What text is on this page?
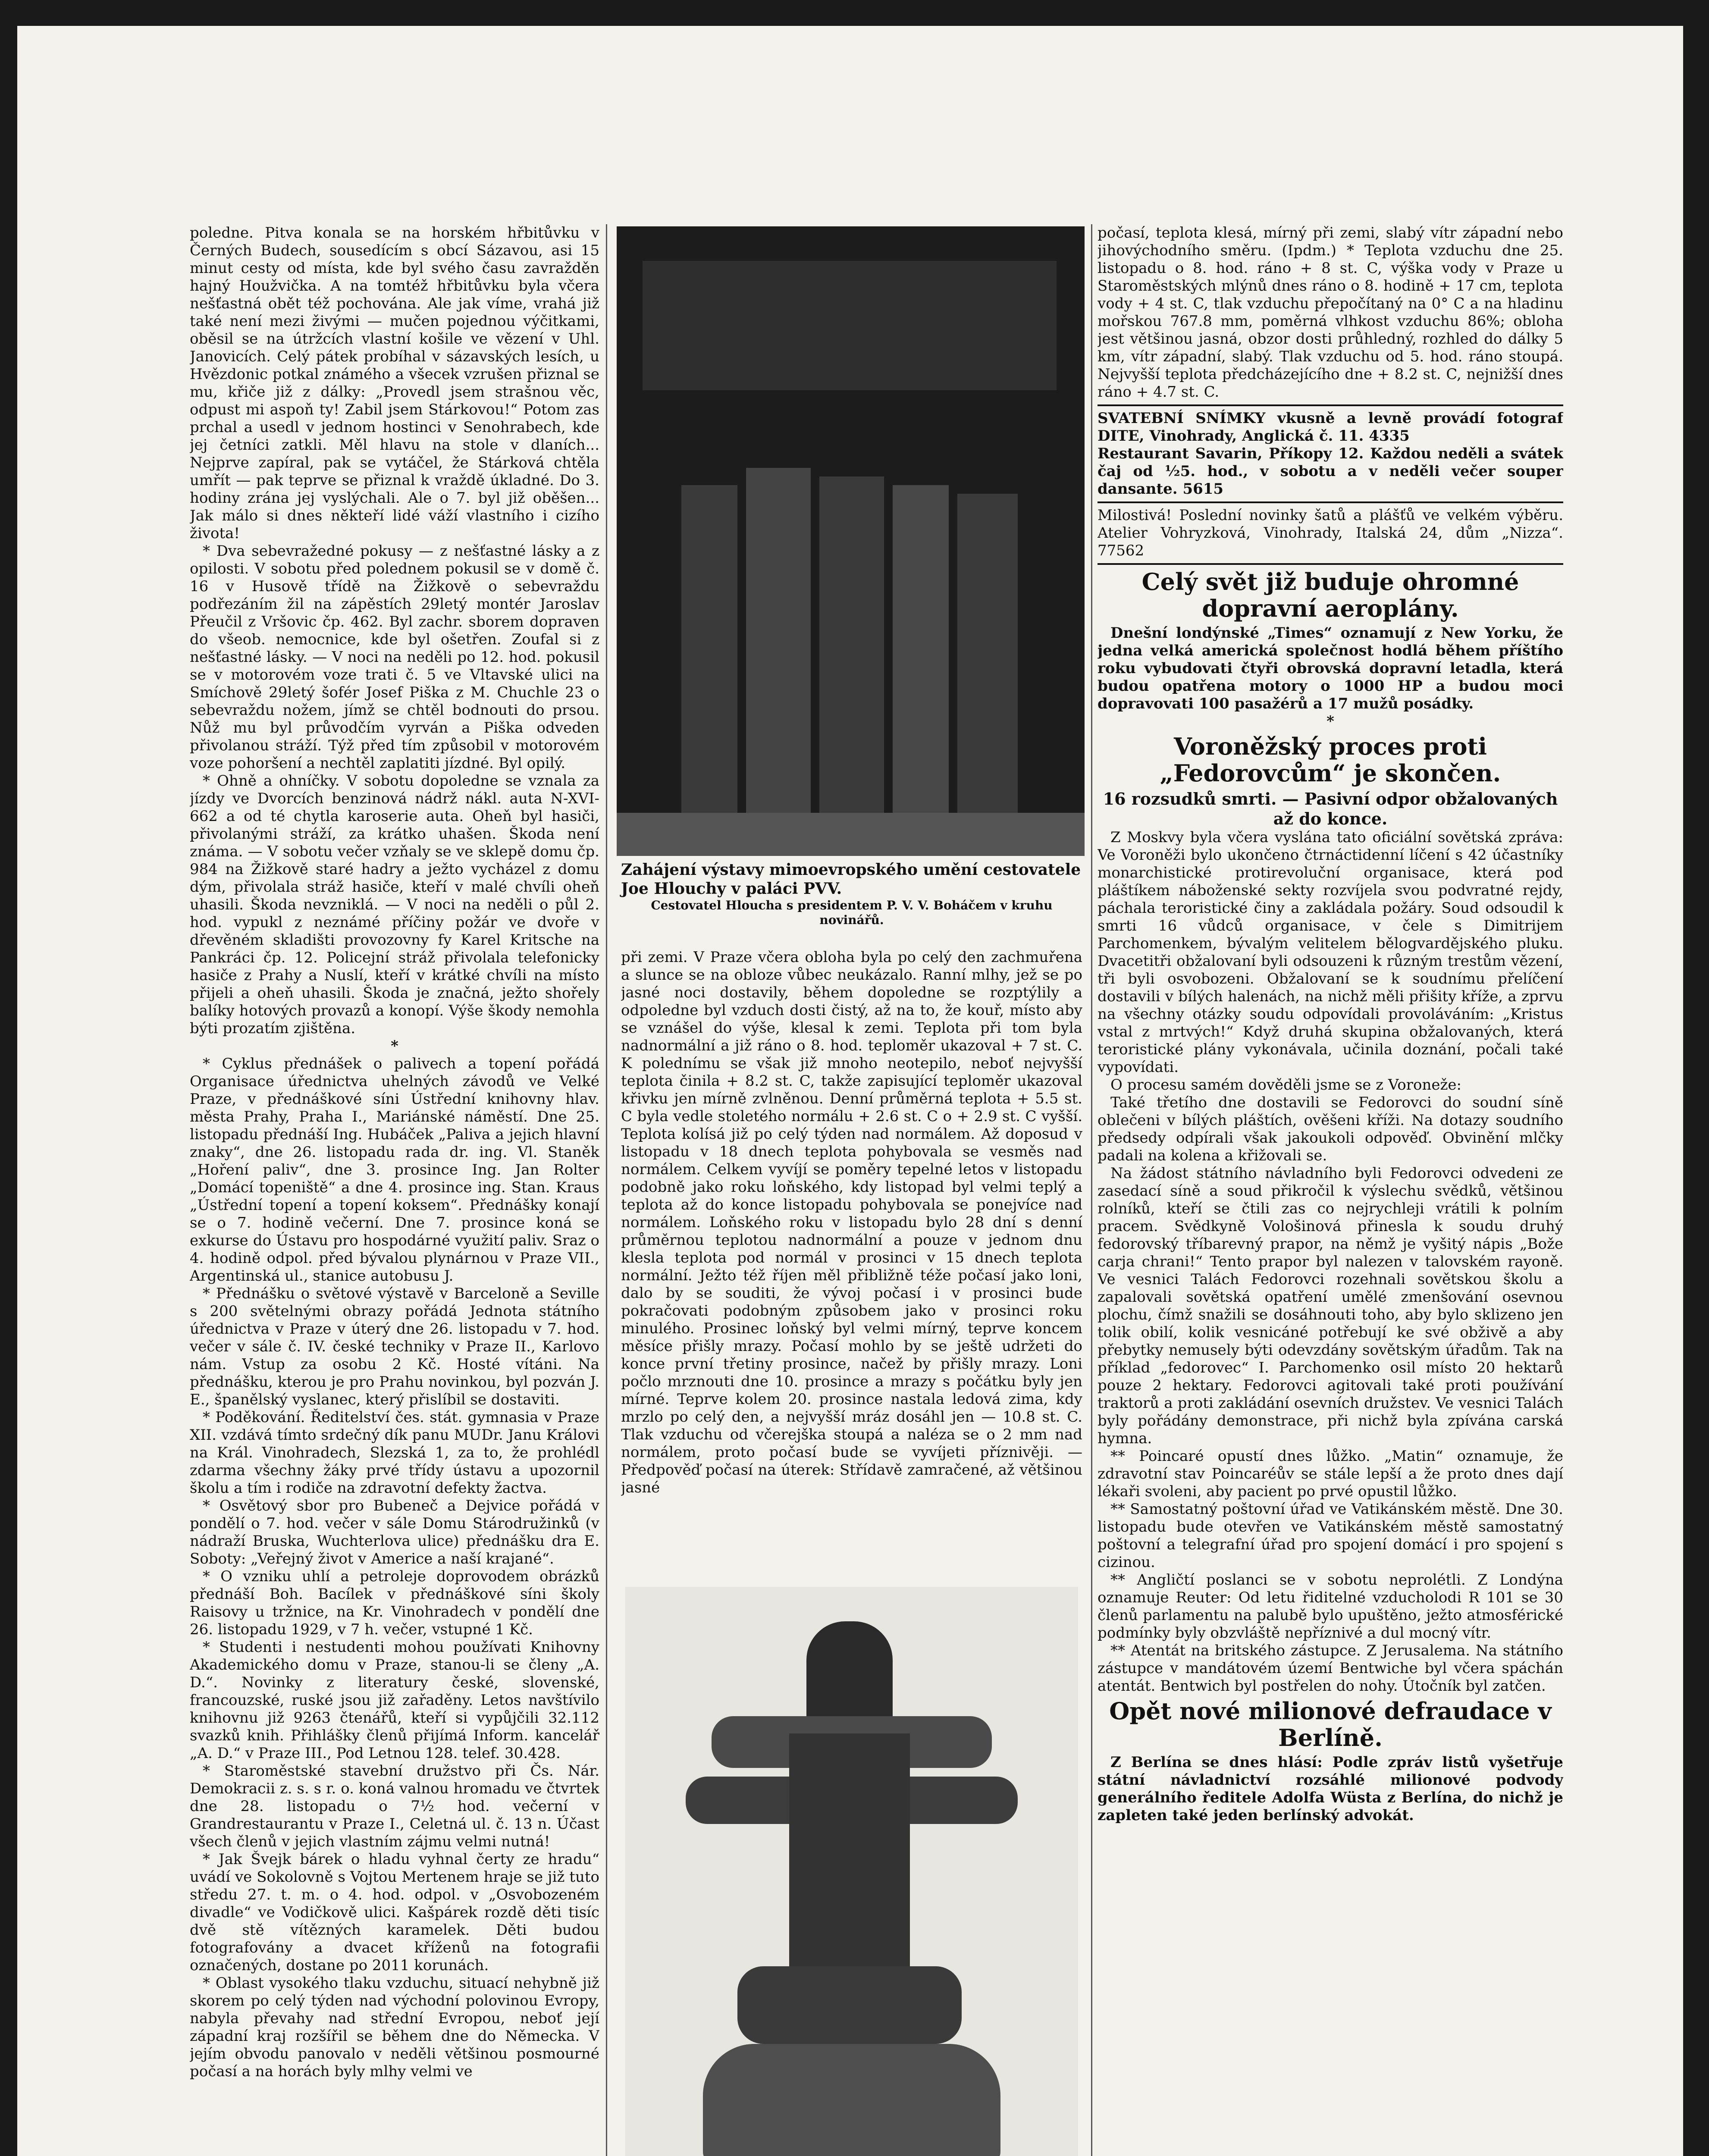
poledne. Pitva konala se na horském hřbitůvku v Černých Budech, sousedícím s obcí Sázavou, asi 15 minut cesty od místa, kde byl svého času zavražděn hajný Houžvička. A na tomtéž hřbitůvku byla včera nešťastná obět též pochována. Ale jak víme, vrahá již také není mezi živými — mučen pojednou výčitkami, oběsil se na útržcích vlastní košile ve vězení v Uhl. Janovicích. Celý pátek probíhal v sázavských lesích, u Hvězdonic potkal známého a všecek vzrušen přiznal se mu, křiče již z dálky: „Provedl jsem strašnou věc, odpust mi aspoň ty! Zabil jsem Stárkovou!“ Potom zas prchal a usedl v jednom hostinci v Senohrabech, kde jej četníci zatkli. Měl hlavu na stole v dlaních... Nejprve zapíral, pak se vytáčel, že Stárková chtěla umřít — pak teprve se přiznal k vraždě úkladné. Do 3. hodiny zrána jej vyslýchali. Ale o 7. byl již oběšen... Jak málo si dnes někteří lidé váží vlastního i cizího života!

* Dva sebevražedné pokusy — z nešťastné lásky a z opilosti. V sobotu před polednem pokusil se v domě č. 16 v Husově třídě na Žižkově o sebevraždu podřezáním žil na zápěstích 29letý montér Jaroslav Přeučil z Vršovic čp. 462. Byl zachr. sborem dopraven do všeob. nemocnice, kde byl ošetřen. Zoufal si z nešťastné lásky. — V noci na neděli po 12. hod. pokusil se v motorovém voze trati č. 5 ve Vltavské ulici na Smíchově 29letý šofér Josef Piška z M. Chuchle 23 o sebevraždu nožem, jímž se chtěl bodnouti do prsou. Nůž mu byl průvodčím vyrván a Piška odveden přivolanou stráží. Týž před tím způsobil v motorovém voze pohoršení a nechtěl zaplatiti jízdné. Byl opilý.

* Ohně a ohníčky. V sobotu dopoledne se vznala za jízdy ve Dvorcích benzinová nádrž nákl. auta N-XVI-662 a od té chytla karoserie auta. Oheň byl hasiči, přivolanými stráží, za krátko uhašen. Škoda není známa. — V sobotu večer vzňaly se ve sklepě domu čp. 984 na Žižkově staré hadry a ježto vycházel z domu dým, přivolala stráž hasiče, kteří v malé chvíli oheň uhasili. Škoda nevzniklá. — V noci na neděli o půl 2. hod. vypukl z neznámé příčiny požár ve dvoře v dřevěném skladišti provozovny fy Karel Kritsche na Pankráci čp. 12. Policejní stráž přivolala telefonicky hasiče z Prahy a Nuslí, kteří v krátké chvíli na místo přijeli a oheň uhasili. Škoda je značná, ježto shořely balíky hotových provazů a konopí. Výše škody nemohla býti prozatím zjištěna.

*

* Cyklus přednášek o palivech a topení pořádá Organisace úřednictva uhelných závodů ve Velké Praze, v přednáškové síni Ústřední knihovny hlav. města Prahy, Praha I., Mariánské náměstí. Dne 25. listopadu přednáší Ing. Hubáček „Paliva a jejich hlavní znaky“, dne 26. listopadu rada dr. ing. Vl. Staněk „Hoření paliv“, dne 3. prosince Ing. Jan Rolter „Domácí topeniště“ a dne 4. prosince ing. Stan. Kraus „Ústřední topení a topení koksem“. Přednášky konají se o 7. hodině večerní. Dne 7. prosince koná se exkurse do Ústavu pro hospodárné využití paliv. Sraz o 4. hodině odpol. před bývalou plynárnou v Praze VII., Argentinská ul., stanice autobusu J.

* Přednášku o světové výstavě v Barceloně a Seville s 200 světelnými obrazy pořádá Jednota státního úřednictva v Praze v úterý dne 26. listopadu v 7. hod. večer v sále č. IV. české techniky v Praze II., Karlovo nám. Vstup za osobu 2 Kč. Hosté vítáni. Na přednášku, kterou je pro Prahu novinkou, byl pozván J. E., španělský vyslanec, který přislíbil se dostaviti.

* Poděkování. Ředitelství čes. stát. gymnasia v Praze XII. vzdává tímto srdečný dík panu MUDr. Janu Královi na Král. Vinohradech, Slezská 1, za to, že prohlédl zdarma všechny žáky prvé třídy ústavu a upozornil školu a tím i rodiče na zdravotní defekty žactva.

* Osvětový sbor pro Bubeneč a Dejvice pořádá v pondělí o 7. hod. večer v sále Domu Stárodružinků (v nádraží Bruska, Wuchterlova ulice) přednášku dra E. Soboty: „Veřejný život v Americe a naší krajané“.

* O vzniku uhlí a petroleje doprovodem obrázků přednáší Boh. Bacílek v přednáškové síni školy Raisovy u tržnice, na Kr. Vinohradech v pondělí dne 26. listopadu 1929, v 7 h. večer, vstupné 1 Kč.

* Studenti i nestudenti mohou používati Knihovny Akademického domu v Praze, stanou-li se členy „A. D.“. Novinky z literatury české, slovenské, francouzské, ruské jsou již zařaděny. Letos navštívilo knihovnu již 9263 čtenářů, kteří si vypůjčili 32.112 svazků knih. Přihlášky členů přijímá Inform. kancelář „A. D.“ v Praze III., Pod Letnou 128. telef. 30.428.

* Staroměstské stavební družstvo při Čs. Nár. Demokracii z. s. s r. o. koná valnou hromadu ve čtvrtek dne 28. listopadu o 7½ hod. večerní v Grandrestaurantu v Praze I., Celetná ul. č. 13 n. Účast všech členů v jejich vlastním zájmu velmi nutná!

* Jak Švejk bárek o hladu vyhnal čerty ze hradu“ uvádí ve Sokolovně s Vojtou Mertenem hraje se již tuto středu 27. t. m. o 4. hod. odpol. v „Osvobozeném divadle“ ve Vodičkově ulici. Kašpárek rozdě děti tisíc dvě stě vítězných karamelek. Děti budou fotografovány a dvacet kříženů na fotografii označených, dostane po 2011 korunách.

* Oblast vysokého tlaku vzduchu, situací nehybně již skorem po celý týden nad východní polovinou Evropy, nabyla převahy nad střední Evropou, neboť její západní kraj rozšířil se během dne do Německa. V jejím obvodu panovalo v neděli většinou posmourné počasí a na horách byly mlhy velmi ve

Zahájení výstavy mimoevropského umění cestovatele Joe Hlouchy v paláci PVV.
Cestovatel Hloucha s presidentem P. V. V. Boháčem v kruhu novinářů.

při zemi. V Praze včera obloha byla po celý den zachmuřena a slunce se na obloze vůbec neukázalo. Ranní mlhy, jež se po jasné noci dostavily, během dopoledne se rozptýlily a odpoledne byl vzduch dosti čistý, až na to, že kouř, místo aby se vznášel do výše, klesal k zemi. Teplota při tom byla nadnormální a již ráno o 8. hod. teploměr ukazoval + 7 st. C. K polednímu se však již mnoho neotepilo, neboť nejvyšší teplota činila + 8.2 st. C, takže zapisující teploměr ukazoval křivku jen mírně zvlněnou. Denní průměrná teplota + 5.5 st. C byla vedle stoletého normálu + 2.6 st. C o + 2.9 st. C vyšší. Teplota kolísá již po celý týden nad normálem. Až doposud v listopadu v 18 dnech teplota pohybovala se vesměs nad normálem. Celkem vyvíjí se poměry tepelné letos v listopadu podobně jako roku loňského, kdy listopad byl velmi teplý a teplota až do konce listopadu pohybovala se ponejvíce nad normálem. Loňského roku v listopadu bylo 28 dní s denní průměrnou teplotou nadnormální a pouze v jednom dnu klesla teplota pod normál v prosinci v 15 dnech teplota normální. Ježto též říjen měl přibližně téže počasí jako loni, dalo by se souditi, že vývoj počasí i v prosinci bude pokračovati podobným způsobem jako v prosinci roku minulého. Prosinec loňský byl velmi mírný, teprve koncem měsíce přišly mrazy. Počasí mohlo by se ještě udržeti do konce první třetiny prosince, načež by přišly mrazy. Loni počlo mrznouti dne 10. prosince a mrazy s počátku byly jen mírné. Teprve kolem 20. prosince nastala ledová zima, kdy mrzlo po celý den, a nejvyšší mráz dosáhl jen — 10.8 st. C. Tlak vzduchu od včerejška stoupá a naléza se o 2 mm nad normálem, proto počasí bude se vyvíjeti příznivěji. — Předpověď počasí na úterek: Střídavě zamračené, až většinou jasné

počasí, teplota klesá, mírný při zemi, slabý vítr západní nebo jihovýchodního směru. (Ipdm.) * Teplota vzduchu dne 25. listopadu o 8. hod. ráno + 8 st. C, výška vody v Praze u Staroměstských mlýnů dnes ráno o 8. hodině + 17 cm, teplota vody + 4 st. C, tlak vzduchu přepočítaný na 0° C a na hladinu mořskou 767.8 mm, poměrná vlhkost vzduchu 86%; obloha jest většinou jasná, obzor dosti průhledný, rozhled do dálky 5 km, vítr západní, slabý. Tlak vzduchu od 5. hod. ráno stoupá. Nejvyšší teplota předcházejícího dne + 8.2 st. C, nejnižší dnes ráno + 4.7 st. C.

SVATEBNÍ SNÍMKY vkusně a levně provádí fotograf DITE, Vinohrady, Anglická č. 11. 4335

Restaurant Savarin, Příkopy 12. Každou neděli a svátek čaj od ½5. hod., v sobotu a v neděli večer souper dansante. 5615

Milostivá! Poslední novinky šatů a plášťů ve velkém výběru. Atelier Vohryzková, Vinohrady, Italská 24, dům „Nizza“. 77562

Celý svět již buduje ohromné dopravní aeroplány.

Dnešní londýnské „Times“ oznamují z New Yorku, že jedna velká americká společnost hodlá během příštího roku vybudovati čtyři obrovská dopravní letadla, která budou opatřena motory o 1000 HP a budou moci dopravovati 100 pasažérů a 17 mužů posádky.

*

Voroněžský proces proti „Fedorovcům“ je skončen.
16 rozsudků smrti. — Pasivní odpor obžalovaných až do konce.

Z Moskvy byla včera vyslána tato oficiální sovětská zpráva: Ve Voroněži bylo ukončeno čtrnáctidenní líčení s 42 účastníky monarchistické protirevoluční organisace, která pod pláštíkem náboženské sekty rozvíjela svou podvratné rejdy, páchala teroristické činy a zakládala požáry. Soud odsoudil k smrti 16 vůdců organisace, v čele s Dimitrijem Parchomenkem, bývalým velitelem bělogvardějského pluku. Dvacetitři obžalovaní byli odsouzeni k různým trestům vězení, tři byli osvobozeni. Obžalovaní se k soudnímu přelíčení dostavili v bílých halenách, na nichž měli přišity kříže, a zprvu na všechny otázky soudu odpovídali provoláváním: „Kristus vstal z mrtvých!“ Když druhá skupina obžalovaných, která teroristické plány vykonávala, učinila doznání, počali také vypovídati.

O procesu samém dověděli jsme se z Voroneže:

Také třetího dne dostavili se Fedorovci do soudní síně oblečeni v bílých pláštích, ověšeni kříži. Na dotazy soudního předsedy odpírali však jakoukoli odpověď. Obvinění mlčky padali na kolena a křižovali se.

Na žádost státního návladního byli Fedorovci odvedeni ze zasedací síně a soud přikročil k výslechu svědků, většinou rolníků, kteří se čtili zas co nejrychleji vrátili k polním pracem. Svědkyně Vološinová přinesla k soudu druhý fedorovský tříbarevný prapor, na němž je vyšitý nápis „Bože carja chrani!“ Tento prapor byl nalezen v talovském rayoně. Ve vesnici Talách Fedorovci rozehnali sovětskou školu a zapalovali sovětská opatření umělé zmenšování osevnou plochu, čímž snažili se dosáhnouti toho, aby bylo sklizeno jen tolik obilí, kolik vesnicáné potřebují ke své obživě a aby přebytky nemusely býti odevzdány sovětským úřadům. Tak na příklad „fedorovec“ I. Parchomenko osil místo 20 hektarů pouze 2 hektary. Fedorovci agitovali také proti používání traktorů a proti zakládání osevních družstev. Ve vesnici Talách byly pořádány demonstrace, při nichž byla zpívána carská hymna.

** Poincaré opustí dnes lůžko. „Matin“ oznamuje, že zdravotní stav Poincaréův se stále lepší a že proto dnes dají lékaři svoleni, aby pacient po prvé opustil lůžko.

** Samostatný poštovní úřad ve Vatikánském městě. Dne 30. listopadu bude otevřen ve Vatikánském městě samostatný poštovní a telegrafní úřad pro spojení domácí i pro spojení s cizinou.

** Angličtí poslanci se v sobotu neprolétli. Z Londýna oznamuje Reuter: Od letu řiditelné vzducholodi R 101 se 30 členů parlamentu na palubě bylo upuštěno, ježto atmosférické podmínky byly obzvláště nepříznivé a dul mocný vítr.

** Atentát na britského zástupce. Z Jerusalema. Na státního zástupce v mandátovém území Bentwiche byl včera spáchán atentát. Bentwich byl postřelen do nohy. Útočník byl zatčen.

Opět nové milionové defraudace v Berlíně.

Z Berlína se dnes hlásí: Podle zpráv listů vyšetřuje státní návladnictví rozsáhlé milionové podvody generálního ředitele Adolfa Wüsta z Berlína, do nichž je zapleten také jeden berlínský advokát.
